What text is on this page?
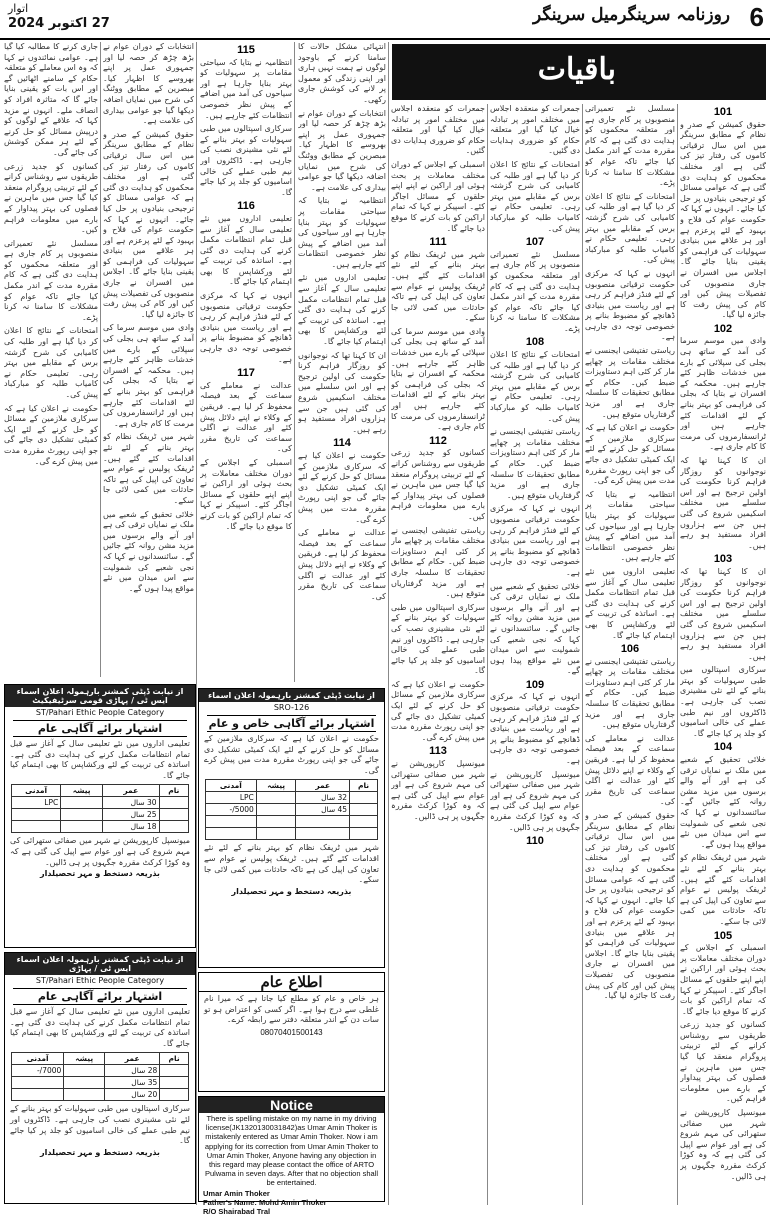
6
روزنامہ سرینگرمیل سرینگر
اتوار
27 اکتوبر 2024
باقیات
101

حقوق کمیشن کے صدر و نظام کے مطابق سرینگر میں اس سال ترقیاتی کاموں کی رفتار تیز کی گئی ہے اور مختلف محکموں کو ہدایت دی گئی ہے کہ عوامی مسائل کو ترجیحی بنیادوں پر حل کیا جائے۔ انہوں نے کہا کہ حکومت عوام کی فلاح و بہبود کے لئے پرعزم ہے اور ہر علاقے میں بنیادی سہولیات کی فراہمی کو یقینی بنایا جائے گا۔ اجلاس میں افسران نے جاری منصوبوں کی تفصیلات پیش کیں اور کام کی پیش رفت کا جائزہ لیا گیا۔

102

وادی میں موسم سرما کی آمد کے ساتھ ہی بجلی کی سپلائی کے بارے میں خدشات ظاہر کئے جارہے ہیں۔ محکمہ کے افسران نے بتایا کہ بجلی کی فراہمی کو بہتر بنانے کے لئے اقدامات کئے جارہے ہیں اور ٹرانسفارمروں کی مرمت کا کام جاری ہے۔

ان کا کہنا تھا کہ نوجوانوں کو روزگار فراہم کرنا حکومت کی اولین ترجیح ہے اور اس سلسلے میں مختلف اسکیمیں شروع کی گئی ہیں جن سے ہزاروں افراد مستفید ہو رہے ہیں۔

103

ان کا کہنا تھا کہ نوجوانوں کو روزگار فراہم کرنا حکومت کی اولین ترجیح ہے اور اس سلسلے میں مختلف اسکیمیں شروع کی گئی ہیں جن سے ہزاروں افراد مستفید ہو رہے ہیں۔

سرکاری اسپتالوں میں طبی سہولیات کو بہتر بنانے کے لئے نئی مشینری نصب کی جارہی ہے۔ ڈاکٹروں اور نیم طبی عملے کی خالی اسامیوں کو جلد پر کیا جائے گا۔

104

خلائی تحقیق کے شعبے میں ملک نے نمایاں ترقی کی ہے اور آنے والے برسوں میں مزید مشن روانہ کئے جائیں گے۔ سائنسدانوں نے کہا کہ نجی شعبے کی شمولیت سے اس میدان میں نئے مواقع پیدا ہوں گے۔

شہر میں ٹریفک نظام کو بہتر بنانے کے لئے نئے اقدامات کئے گئے ہیں۔ ٹریفک پولیس نے عوام سے تعاون کی اپیل کی ہے تاکہ حادثات میں کمی لائی جا سکے۔

105

اسمبلی کے اجلاس کے دوران مختلف معاملات پر بحث ہوئی اور اراکین نے اپنے اپنے حلقوں کے مسائل اجاگر کئے۔ اسپیکر نے کہا کہ تمام اراکین کو بات کرنے کا موقع دیا جائے گا۔

کسانوں کو جدید زرعی طریقوں سے روشناس کرانے کے لئے تربیتی پروگرام منعقد کیا گیا جس میں ماہرین نے فصلوں کی بہتر پیداوار کے بارے میں معلومات فراہم کیں۔

میونسپل کارپوریشن نے شہر میں صفائی ستھرائی کی مہم شروع کی ہے اور عوام سے اپیل کی گئی ہے کہ وہ کوڑا کرکٹ مقررہ جگہوں پر ہی ڈالیں۔

مسلسل نئے تعمیراتی منصوبوں پر کام جاری ہے اور متعلقہ محکموں کو ہدایت دی گئی ہے کہ کام مقررہ مدت کے اندر مکمل کیا جائے تاکہ عوام کو مشکلات کا سامنا نہ کرنا پڑے۔

امتحانات کے نتائج کا اعلان کر دیا گیا ہے اور طلبہ کی کامیابی کی شرح گزشتہ برس کے مقابلے میں بہتر رہی۔ تعلیمی حکام نے کامیاب طلبہ کو مبارکباد پیش کی۔

انہوں نے کہا کہ مرکزی حکومت ترقیاتی منصوبوں کے لئے فنڈز فراہم کر رہی ہے اور ریاست میں بنیادی ڈھانچے کو مضبوط بنانے پر خصوصی توجہ دی جارہی ہے۔

ریاستی تفتیشی ایجنسی نے مختلف مقامات پر چھاپے مار کر کئی اہم دستاویزات ضبط کیں۔ حکام کے مطابق تحقیقات کا سلسلہ جاری ہے اور مزید گرفتاریاں متوقع ہیں۔

حکومت نے اعلان کیا ہے کہ سرکاری ملازمین کے مسائل کو حل کرنے کے لئے ایک کمیٹی تشکیل دی جائے گی جو اپنی رپورٹ مقررہ مدت میں پیش کرے گی۔

انتظامیہ نے بتایا کہ سیاحتی مقامات پر سہولیات کو بہتر بنایا جارہا ہے اور سیاحوں کی آمد میں اضافے کے پیش نظر خصوصی انتظامات کئے جارہے ہیں۔

تعلیمی اداروں میں نئے تعلیمی سال کے آغاز سے قبل تمام انتظامات مکمل کرنے کی ہدایت دی گئی ہے۔ اساتذہ کی تربیت کے لئے ورکشاپس کا بھی اہتمام کیا جائے گا۔

106

ریاستی تفتیشی ایجنسی نے مختلف مقامات پر چھاپے مار کر کئی اہم دستاویزات ضبط کیں۔ حکام کے مطابق تحقیقات کا سلسلہ جاری ہے اور مزید گرفتاریاں متوقع ہیں۔

عدالت نے معاملے کی سماعت کے بعد فیصلہ محفوظ کر لیا ہے۔ فریقین کے وکلاء نے اپنے دلائل پیش کئے اور عدالت نے اگلی سماعت کی تاریخ مقرر کی۔

حقوق کمیشن کے صدر و نظام کے مطابق سرینگر میں اس سال ترقیاتی کاموں کی رفتار تیز کی گئی ہے اور مختلف محکموں کو ہدایت دی گئی ہے کہ عوامی مسائل کو ترجیحی بنیادوں پر حل کیا جائے۔ انہوں نے کہا کہ حکومت عوام کی فلاح و بہبود کے لئے پرعزم ہے اور ہر علاقے میں بنیادی سہولیات کی فراہمی کو یقینی بنایا جائے گا۔ اجلاس میں افسران نے جاری منصوبوں کی تفصیلات پیش کیں اور کام کی پیش رفت کا جائزہ لیا گیا۔

جمعرات کو منعقدہ اجلاس میں مختلف امور پر تبادلہ خیال کیا گیا اور متعلقہ حکام کو ضروری ہدایات دی گئیں۔

امتحانات کے نتائج کا اعلان کر دیا گیا ہے اور طلبہ کی کامیابی کی شرح گزشتہ برس کے مقابلے میں بہتر رہی۔ تعلیمی حکام نے کامیاب طلبہ کو مبارکباد پیش کی۔

107

مسلسل نئے تعمیراتی منصوبوں پر کام جاری ہے اور متعلقہ محکموں کو ہدایت دی گئی ہے کہ کام مقررہ مدت کے اندر مکمل کیا جائے تاکہ عوام کو مشکلات کا سامنا نہ کرنا پڑے۔

108

امتحانات کے نتائج کا اعلان کر دیا گیا ہے اور طلبہ کی کامیابی کی شرح گزشتہ برس کے مقابلے میں بہتر رہی۔ تعلیمی حکام نے کامیاب طلبہ کو مبارکباد پیش کی۔

ریاستی تفتیشی ایجنسی نے مختلف مقامات پر چھاپے مار کر کئی اہم دستاویزات ضبط کیں۔ حکام کے مطابق تحقیقات کا سلسلہ جاری ہے اور مزید گرفتاریاں متوقع ہیں۔

انہوں نے کہا کہ مرکزی حکومت ترقیاتی منصوبوں کے لئے فنڈز فراہم کر رہی ہے اور ریاست میں بنیادی ڈھانچے کو مضبوط بنانے پر خصوصی توجہ دی جارہی ہے۔

خلائی تحقیق کے شعبے میں ملک نے نمایاں ترقی کی ہے اور آنے والے برسوں میں مزید مشن روانہ کئے جائیں گے۔ سائنسدانوں نے کہا کہ نجی شعبے کی شمولیت سے اس میدان میں نئے مواقع پیدا ہوں گے۔

109

انہوں نے کہا کہ مرکزی حکومت ترقیاتی منصوبوں کے لئے فنڈز فراہم کر رہی ہے اور ریاست میں بنیادی ڈھانچے کو مضبوط بنانے پر خصوصی توجہ دی جارہی ہے۔

میونسپل کارپوریشن نے شہر میں صفائی ستھرائی کی مہم شروع کی ہے اور عوام سے اپیل کی گئی ہے کہ وہ کوڑا کرکٹ مقررہ جگہوں پر ہی ڈالیں۔

110

جمعرات کو منعقدہ اجلاس میں مختلف امور پر تبادلہ خیال کیا گیا اور متعلقہ حکام کو ضروری ہدایات دی گئیں۔

اسمبلی کے اجلاس کے دوران مختلف معاملات پر بحث ہوئی اور اراکین نے اپنے اپنے حلقوں کے مسائل اجاگر کئے۔ اسپیکر نے کہا کہ تمام اراکین کو بات کرنے کا موقع دیا جائے گا۔

111

شہر میں ٹریفک نظام کو بہتر بنانے کے لئے نئے اقدامات کئے گئے ہیں۔ ٹریفک پولیس نے عوام سے تعاون کی اپیل کی ہے تاکہ حادثات میں کمی لائی جا سکے۔

وادی میں موسم سرما کی آمد کے ساتھ ہی بجلی کی سپلائی کے بارے میں خدشات ظاہر کئے جارہے ہیں۔ محکمہ کے افسران نے بتایا کہ بجلی کی فراہمی کو بہتر بنانے کے لئے اقدامات کئے جارہے ہیں اور ٹرانسفارمروں کی مرمت کا کام جاری ہے۔

112

کسانوں کو جدید زرعی طریقوں سے روشناس کرانے کے لئے تربیتی پروگرام منعقد کیا گیا جس میں ماہرین نے فصلوں کی بہتر پیداوار کے بارے میں معلومات فراہم کیں۔

ریاستی تفتیشی ایجنسی نے مختلف مقامات پر چھاپے مار کر کئی اہم دستاویزات ضبط کیں۔ حکام کے مطابق تحقیقات کا سلسلہ جاری ہے اور مزید گرفتاریاں متوقع ہیں۔

سرکاری اسپتالوں میں طبی سہولیات کو بہتر بنانے کے لئے نئی مشینری نصب کی جارہی ہے۔ ڈاکٹروں اور نیم طبی عملے کی خالی اسامیوں کو جلد پر کیا جائے گا۔

حکومت نے اعلان کیا ہے کہ سرکاری ملازمین کے مسائل کو حل کرنے کے لئے ایک کمیٹی تشکیل دی جائے گی جو اپنی رپورٹ مقررہ مدت میں پیش کرے گی۔

113

میونسپل کارپوریشن نے شہر میں صفائی ستھرائی کی مہم شروع کی ہے اور عوام سے اپیل کی گئی ہے کہ وہ کوڑا کرکٹ مقررہ جگہوں پر ہی ڈالیں۔

انتہائی مشکل حالات کا سامنا کرنے کے باوجود لوگوں نے ہمت نہیں ہاری اور اپنی زندگی کو معمول پر لانے کی کوشش جاری رکھی۔

انتخابات کے دوران عوام نے بڑھ چڑھ کر حصہ لیا اور جمہوری عمل پر اپنے بھروسے کا اظہار کیا۔ مبصرین کے مطابق ووٹنگ کی شرح میں نمایاں اضافہ دیکھا گیا جو عوامی بیداری کی علامت ہے۔

انتظامیہ نے بتایا کہ سیاحتی مقامات پر سہولیات کو بہتر بنایا جارہا ہے اور سیاحوں کی آمد میں اضافے کے پیش نظر خصوصی انتظامات کئے جارہے ہیں۔

تعلیمی اداروں میں نئے تعلیمی سال کے آغاز سے قبل تمام انتظامات مکمل کرنے کی ہدایت دی گئی ہے۔ اساتذہ کی تربیت کے لئے ورکشاپس کا بھی اہتمام کیا جائے گا۔

ان کا کہنا تھا کہ نوجوانوں کو روزگار فراہم کرنا حکومت کی اولین ترجیح ہے اور اس سلسلے میں مختلف اسکیمیں شروع کی گئی ہیں جن سے ہزاروں افراد مستفید ہو رہے ہیں۔

114

حکومت نے اعلان کیا ہے کہ سرکاری ملازمین کے مسائل کو حل کرنے کے لئے ایک کمیٹی تشکیل دی جائے گی جو اپنی رپورٹ مقررہ مدت میں پیش کرے گی۔

عدالت نے معاملے کی سماعت کے بعد فیصلہ محفوظ کر لیا ہے۔ فریقین کے وکلاء نے اپنے دلائل پیش کئے اور عدالت نے اگلی سماعت کی تاریخ مقرر کی۔

115

انتظامیہ نے بتایا کہ سیاحتی مقامات پر سہولیات کو بہتر بنایا جارہا ہے اور سیاحوں کی آمد میں اضافے کے پیش نظر خصوصی انتظامات کئے جارہے ہیں۔

سرکاری اسپتالوں میں طبی سہولیات کو بہتر بنانے کے لئے نئی مشینری نصب کی جارہی ہے۔ ڈاکٹروں اور نیم طبی عملے کی خالی اسامیوں کو جلد پر کیا جائے گا۔

116

تعلیمی اداروں میں نئے تعلیمی سال کے آغاز سے قبل تمام انتظامات مکمل کرنے کی ہدایت دی گئی ہے۔ اساتذہ کی تربیت کے لئے ورکشاپس کا بھی اہتمام کیا جائے گا۔

انہوں نے کہا کہ مرکزی حکومت ترقیاتی منصوبوں کے لئے فنڈز فراہم کر رہی ہے اور ریاست میں بنیادی ڈھانچے کو مضبوط بنانے پر خصوصی توجہ دی جارہی ہے۔

117

عدالت نے معاملے کی سماعت کے بعد فیصلہ محفوظ کر لیا ہے۔ فریقین کے وکلاء نے اپنے دلائل پیش کئے اور عدالت نے اگلی سماعت کی تاریخ مقرر کی۔

اسمبلی کے اجلاس کے دوران مختلف معاملات پر بحث ہوئی اور اراکین نے اپنے اپنے حلقوں کے مسائل اجاگر کئے۔ اسپیکر نے کہا کہ تمام اراکین کو بات کرنے کا موقع دیا جائے گا۔

انتخابات کے دوران عوام نے بڑھ چڑھ کر حصہ لیا اور جمہوری عمل پر اپنے بھروسے کا اظہار کیا۔ مبصرین کے مطابق ووٹنگ کی شرح میں نمایاں اضافہ دیکھا گیا جو عوامی بیداری کی علامت ہے۔

حقوق کمیشن کے صدر و نظام کے مطابق سرینگر میں اس سال ترقیاتی کاموں کی رفتار تیز کی گئی ہے اور مختلف محکموں کو ہدایت دی گئی ہے کہ عوامی مسائل کو ترجیحی بنیادوں پر حل کیا جائے۔ انہوں نے کہا کہ حکومت عوام کی فلاح و بہبود کے لئے پرعزم ہے اور ہر علاقے میں بنیادی سہولیات کی فراہمی کو یقینی بنایا جائے گا۔ اجلاس میں افسران نے جاری منصوبوں کی تفصیلات پیش کیں اور کام کی پیش رفت کا جائزہ لیا گیا۔

وادی میں موسم سرما کی آمد کے ساتھ ہی بجلی کی سپلائی کے بارے میں خدشات ظاہر کئے جارہے ہیں۔ محکمہ کے افسران نے بتایا کہ بجلی کی فراہمی کو بہتر بنانے کے لئے اقدامات کئے جارہے ہیں اور ٹرانسفارمروں کی مرمت کا کام جاری ہے۔

شہر میں ٹریفک نظام کو بہتر بنانے کے لئے نئے اقدامات کئے گئے ہیں۔ ٹریفک پولیس نے عوام سے تعاون کی اپیل کی ہے تاکہ حادثات میں کمی لائی جا سکے۔

خلائی تحقیق کے شعبے میں ملک نے نمایاں ترقی کی ہے اور آنے والے برسوں میں مزید مشن روانہ کئے جائیں گے۔ سائنسدانوں نے کہا کہ نجی شعبے کی شمولیت سے اس میدان میں نئے مواقع پیدا ہوں گے۔

جاری کرنے کا مطالبہ کیا گیا ہے۔ عوامی نمائندوں نے کہا کہ وہ اس معاملے کو متعلقہ حکام کے سامنے اٹھائیں گے اور اس بات کو یقینی بنایا جائے گا کہ متاثرہ افراد کو انصاف ملے۔ انہوں نے مزید کہا کہ علاقے کے لوگوں کو درپیش مسائل کو حل کرنے کے لئے ہر ممکن کوشش کی جائے گی۔

کسانوں کو جدید زرعی طریقوں سے روشناس کرانے کے لئے تربیتی پروگرام منعقد کیا گیا جس میں ماہرین نے فصلوں کی بہتر پیداوار کے بارے میں معلومات فراہم کیں۔

مسلسل نئے تعمیراتی منصوبوں پر کام جاری ہے اور متعلقہ محکموں کو ہدایت دی گئی ہے کہ کام مقررہ مدت کے اندر مکمل کیا جائے تاکہ عوام کو مشکلات کا سامنا نہ کرنا پڑے۔

امتحانات کے نتائج کا اعلان کر دیا گیا ہے اور طلبہ کی کامیابی کی شرح گزشتہ برس کے مقابلے میں بہتر رہی۔ تعلیمی حکام نے کامیاب طلبہ کو مبارکباد پیش کی۔

حکومت نے اعلان کیا ہے کہ سرکاری ملازمین کے مسائل کو حل کرنے کے لئے ایک کمیٹی تشکیل دی جائے گی جو اپنی رپورٹ مقررہ مدت میں پیش کرے گی۔

از نیابت ڈپٹی کمشنر بارہمولہ اعلان اسماء ایس ٹی / پہاڑی قومی سرٹیفیکیٹ
ST/Pahari Ethic People Category
اشتہار برائے آگاہی عام
تعلیمی اداروں میں نئے تعلیمی سال کے آغاز سے قبل تمام انتظامات مکمل کرنے کی ہدایت دی گئی ہے۔ اساتذہ کی تربیت کے لئے ورکشاپس کا بھی اہتمام کیا جائے گا۔
نام	عمر	پیشہ	آمدنی
	30 سال		LPC
	25 سال		
	18 سال		
میونسپل کارپوریشن نے شہر میں صفائی ستھرائی کی مہم شروع کی ہے اور عوام سے اپیل کی گئی ہے کہ وہ کوڑا کرکٹ مقررہ جگہوں پر ہی ڈالیں۔
بذریعہ دستخط و مہر تحصیلدار
از نیابت ڈپٹی کمشنر بارہمولہ اعلان اسماء ایس ٹی / پہاڑی
ST/Pahari Ethic People Category
اشتہار برائے آگاہی عام
تعلیمی اداروں میں نئے تعلیمی سال کے آغاز سے قبل تمام انتظامات مکمل کرنے کی ہدایت دی گئی ہے۔ اساتذہ کی تربیت کے لئے ورکشاپس کا بھی اہتمام کیا جائے گا۔
نام	عمر	پیشہ	آمدنی
	28 سال		7000/-
	35 سال		
	20 سال		
سرکاری اسپتالوں میں طبی سہولیات کو بہتر بنانے کے لئے نئی مشینری نصب کی جارہی ہے۔ ڈاکٹروں اور نیم طبی عملے کی خالی اسامیوں کو جلد پر کیا جائے گا۔
بذریعہ دستخط و مہر تحصیلدار
از نیابت ڈپٹی کمشنر بارہمولہ اعلان اسماء
SRO-126
اشتہار برائے آگاہی خاص و عام
حکومت نے اعلان کیا ہے کہ سرکاری ملازمین کے مسائل کو حل کرنے کے لئے ایک کمیٹی تشکیل دی جائے گی جو اپنی رپورٹ مقررہ مدت میں پیش کرے گی۔
نام	عمر	پیشہ	آمدنی
	32 سال		LPC
	45 سال		5000/-

شہر میں ٹریفک نظام کو بہتر بنانے کے لئے نئے اقدامات کئے گئے ہیں۔ ٹریفک پولیس نے عوام سے تعاون کی اپیل کی ہے تاکہ حادثات میں کمی لائی جا سکے۔
بذریعہ دستخط و مہر تحصیلدار
اطلاع عام
ہر خاص و عام کو مطلع کیا جاتا ہے کہ میرا نام غلطی سے درج ہوا ہے۔ اگر کسی کو اعتراض ہو تو سات دن کے اندر متعلقہ دفتر سے رابطہ کرے۔
08070401500143
Notice
There is spelling mistake on my name in my driving license(JK1320130031842)as Umar Amin Thoker is mistakenly entered as Umar Amin Thoker. Now i am applying for its correction from Umar Amin Thoker to Umar Amin Thoker, Anyone having any objection in this regard may please contact the office of ARTO Pulwama in seven days. After that no objection shall be entertained.
Umar Amin Thoker
Father's Name: Mohd Amin Thoker
R/O Shairabad Tral
